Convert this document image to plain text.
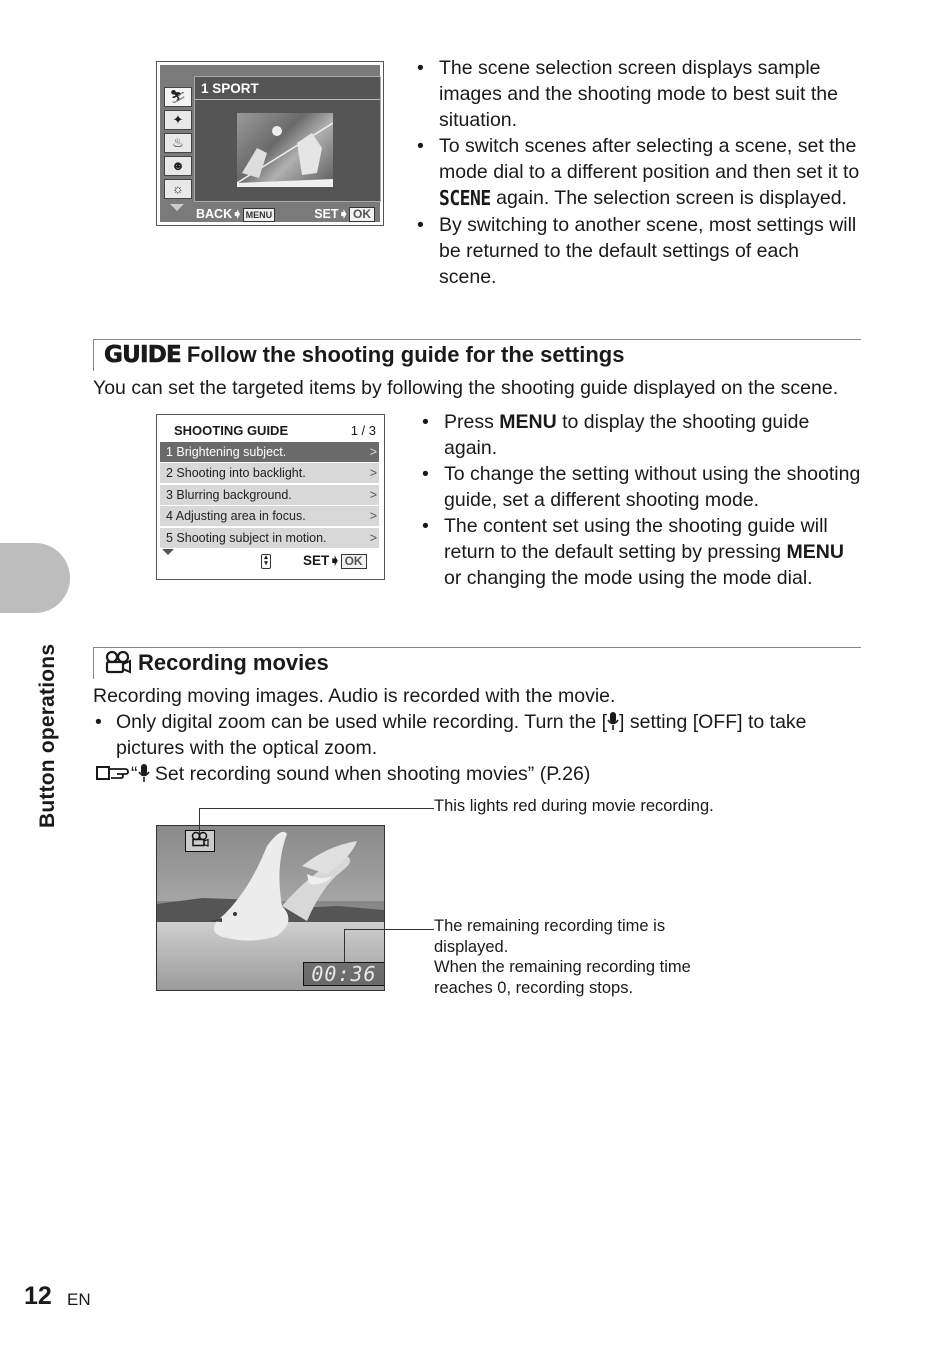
Button operations
⛷
✦
♨
☻
☼
1 SPORT
BACK➧ MENU	SET➧ OK
• The scene selection screen displays sample images and the shooting mode to best suit the situation.
• To switch scenes after selecting a scene, set the mode dial to a different position and then set it to SCENE again. The selection screen is displayed.
• By switching to another scene, most settings will be returned to the default settings of each scene.
GUIDE Follow the shooting guide for the settings
You can set the targeted items by following the shooting guide displayed on the scene.
SHOOTING GUIDE	1 / 3
1 Brightening subject.	>
2 Shooting into backlight.	>
3 Blurring background.	>
4 Adjusting area in focus.	>
5 Shooting subject in motion.	>
▴
▾	SET➧ OK
• Press MENU to display the shooting guide again.
• To change the setting without using the shooting guide, set a different shooting mode.
• The content set using the shooting guide will return to the default setting by pressing MENU or changing the mode using the mode dial.
Recording movies
Recording moving images. Audio is recorded with the movie.
• Only digital zoom can be used while recording. Turn the [ ] setting [OFF] to take
pictures with the optical zoom.
“ Set recording sound when shooting movies” (P.26)
00:36
This lights red during movie recording.
The remaining recording time is
displayed.
When the remaining recording time
reaches 0, recording stops.
12 EN
